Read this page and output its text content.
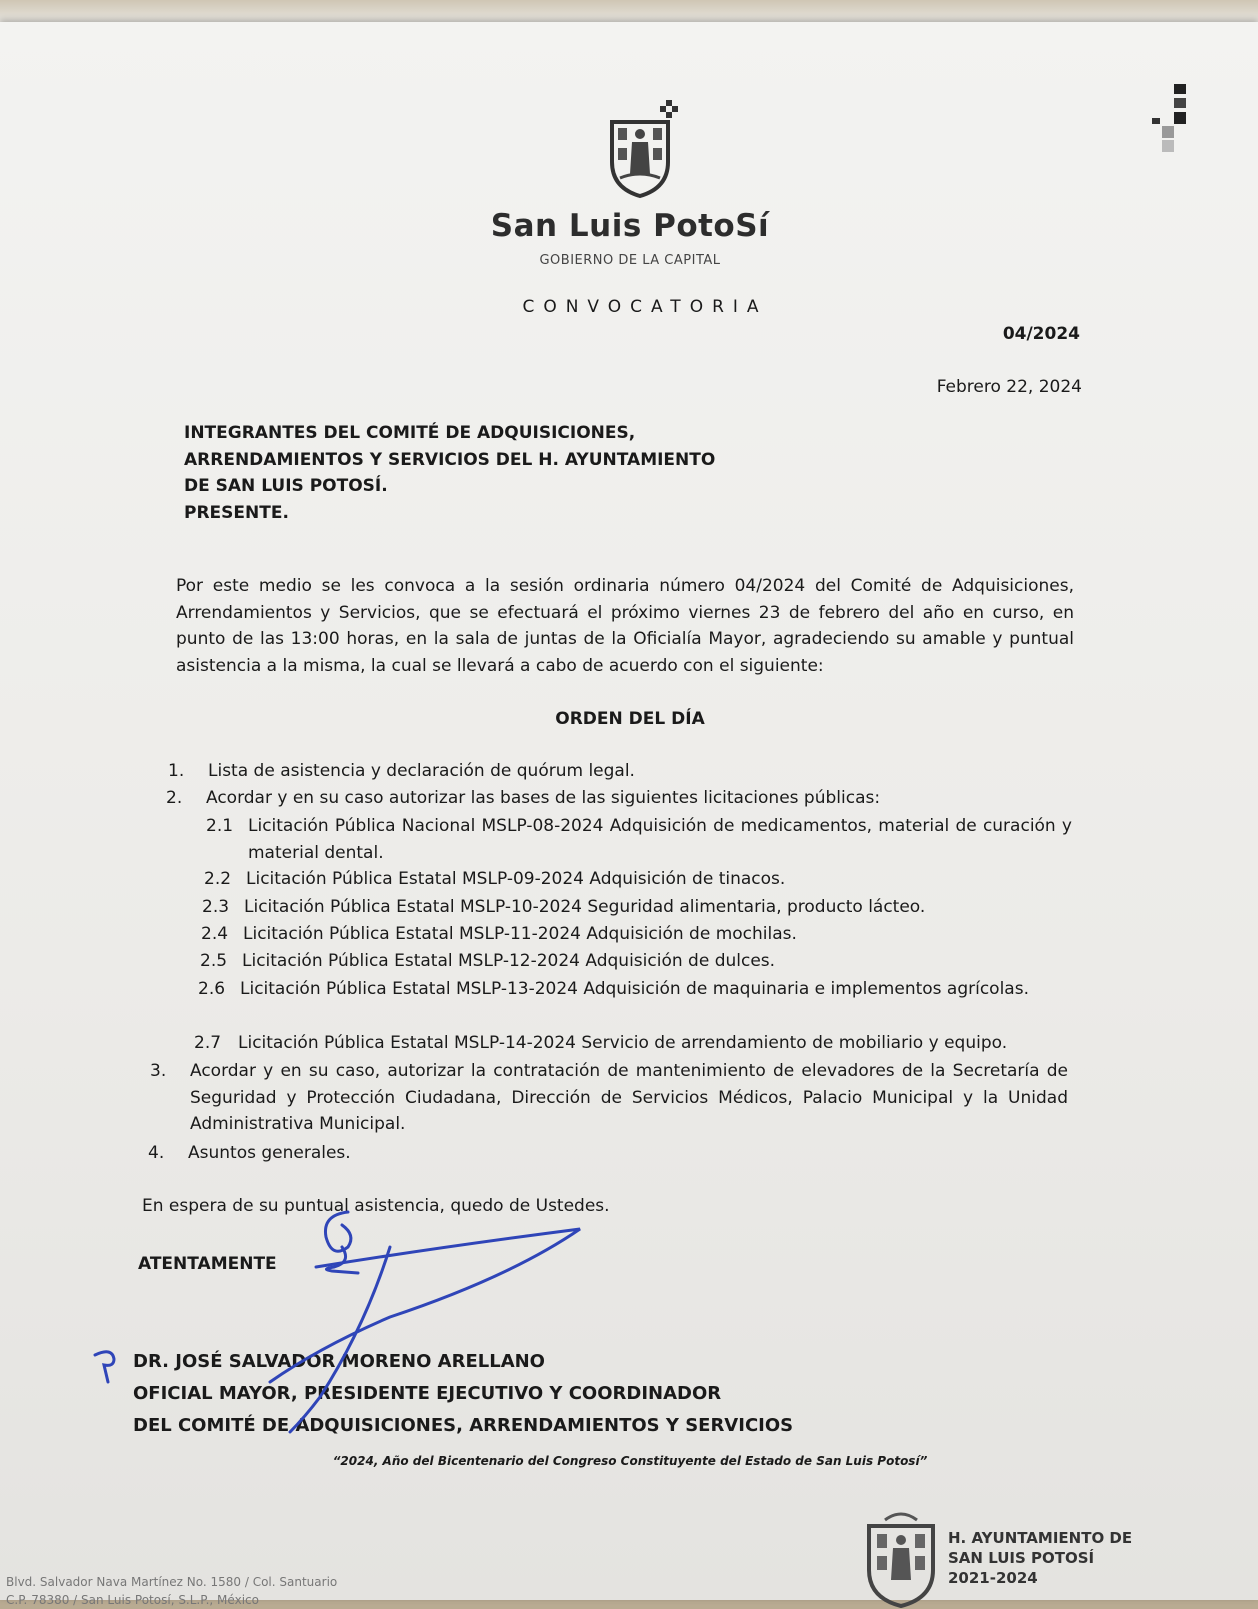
San Luis PotoSí
GOBIERNO DE LA CAPITAL
CONVOCATORIA
04/2024
Febrero 22, 2024
INTEGRANTES DEL COMITÉ DE ADQUISICIONES,
ARRENDAMIENTOS Y SERVICIOS DEL H. AYUNTAMIENTO
DE SAN LUIS POTOSÍ.
PRESENTE.
Por este medio se les convoca a la sesión ordinaria número 04/2024 del Comité de Adquisiciones, Arrendamientos y Servicios, que se efectuará el próximo viernes 23 de febrero del año en curso, en punto de las 13:00 horas, en la sala de juntas de la Oficialía Mayor, agradeciendo su amable y puntual asistencia a la misma, la cual se llevará a cabo de acuerdo con el siguiente:
ORDEN DEL DÍA
1. Lista de asistencia y declaración de quórum legal.
2. Acordar y en su caso autorizar las bases de las siguientes licitaciones públicas:
2.1 Licitación Pública Nacional MSLP-08-2024 Adquisición de medicamentos, material de curación y material dental.
2.2 Licitación Pública Estatal MSLP-09-2024 Adquisición de tinacos.
2.3 Licitación Pública Estatal MSLP-10-2024 Seguridad alimentaria, producto lácteo.
2.4 Licitación Pública Estatal MSLP-11-2024 Adquisición de mochilas.
2.5 Licitación Pública Estatal MSLP-12-2024 Adquisición de dulces.
2.6 Licitación Pública Estatal MSLP-13-2024 Adquisición de maquinaria e implementos agrícolas.
2.7 Licitación Pública Estatal MSLP-14-2024 Servicio de arrendamiento de mobiliario y equipo.
3. Acordar y en su caso, autorizar la contratación de mantenimiento de elevadores de la Secretaría de Seguridad y Protección Ciudadana, Dirección de Servicios Médicos, Palacio Municipal y la Unidad Administrativa Municipal.
4. Asuntos generales.
En espera de su puntual asistencia, quedo de Ustedes.
ATENTAMENTE
DR. JOSÉ SALVADOR MORENO ARELLANO
OFICIAL MAYOR, PRESIDENTE EJECUTIVO Y COORDINADOR
DEL COMITÉ DE ADQUISICIONES, ARRENDAMIENTOS Y SERVICIOS
“2024, Año del Bicentenario del Congreso Constituyente del Estado de San Luis Potosí”
Blvd. Salvador Nava Martínez No. 1580 / Col. Santuario
C.P. 78380 / San Luis Potosí, S.L.P., México
H. AYUNTAMIENTO DE
SAN LUIS POTOSÍ
2021-2024
